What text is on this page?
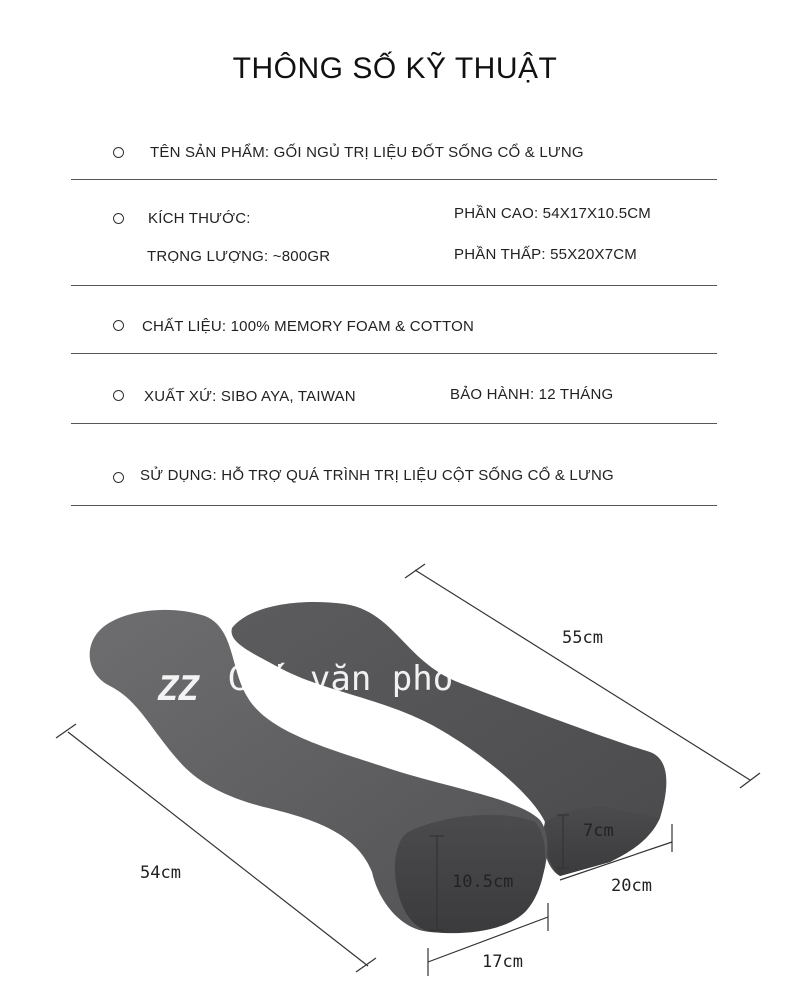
THÔNG SỐ KỸ THUẬT
TÊN SẢN PHẨM: GỐI NGỦ TRỊ LIỆU ĐỐT SỐNG CỔ & LƯNG
KÍCH THƯỚC:	PHẦN CAO: 54X17X10.5CM
TRỌNG LƯỢNG: ~800GR	PHẦN THẤP: 55X20X7CM
CHẤT LIỆU: 100% MEMORY FOAM & COTTON
XUẤT XỨ: SIBO AYA, TAIWAN	BẢO HÀNH: 12 THÁNG
SỬ DỤNG: HỖ TRỢ QUÁ TRÌNH TRỊ LIỆU CỘT SỐNG CỔ & LƯNG
ZZ Gối văn phò
55cm
54cm	10.5cm
7cm
17cm
20cm
